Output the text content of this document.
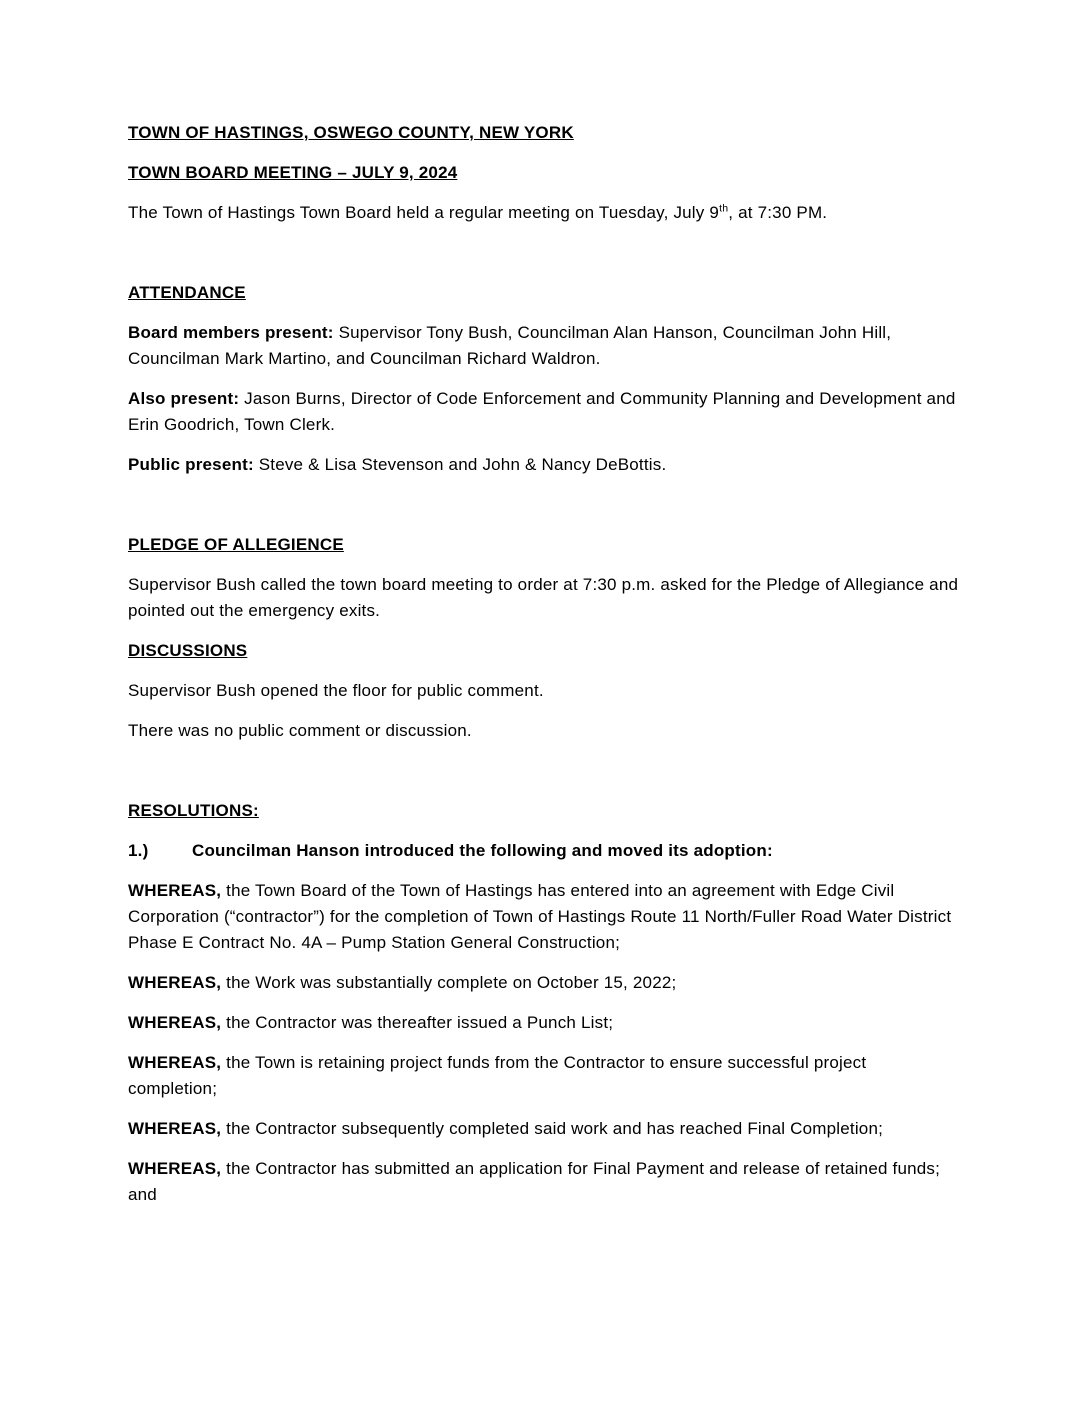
TOWN OF HASTINGS, OSWEGO COUNTY, NEW YORK

TOWN BOARD MEETING – JULY 9, 2024

The Town of Hastings Town Board held a regular meeting on Tuesday, July 9th, at 7:30 PM.

ATTENDANCE

Board members present: Supervisor Tony Bush, Councilman Alan Hanson, Councilman John Hill, Councilman Mark Martino, and Councilman Richard Waldron.

Also present: Jason Burns, Director of Code Enforcement and Community Planning and Development and Erin Goodrich, Town Clerk.

Public present: Steve & Lisa Stevenson and John & Nancy DeBottis.

PLEDGE OF ALLEGIENCE

Supervisor Bush called the town board meeting to order at 7:30 p.m. asked for the Pledge of Allegiance and pointed out the emergency exits.

DISCUSSIONS

Supervisor Bush opened the floor for public comment.

There was no public comment or discussion.

RESOLUTIONS:

1.)	Councilman Hanson introduced the following and moved its adoption:

WHEREAS, the Town Board of the Town of Hastings has entered into an agreement with Edge Civil Corporation (“contractor”) for the completion of Town of Hastings Route 11 North/Fuller Road Water District Phase E Contract No. 4A – Pump Station General Construction;

WHEREAS, the Work was substantially complete on October 15, 2022;

WHEREAS, the Contractor was thereafter issued a Punch List;

WHEREAS, the Town is retaining project funds from the Contractor to ensure successful project completion;

WHEREAS, the Contractor subsequently completed said work and has reached Final Completion;

WHEREAS, the Contractor has submitted an application for Final Payment and release of retained funds; and
